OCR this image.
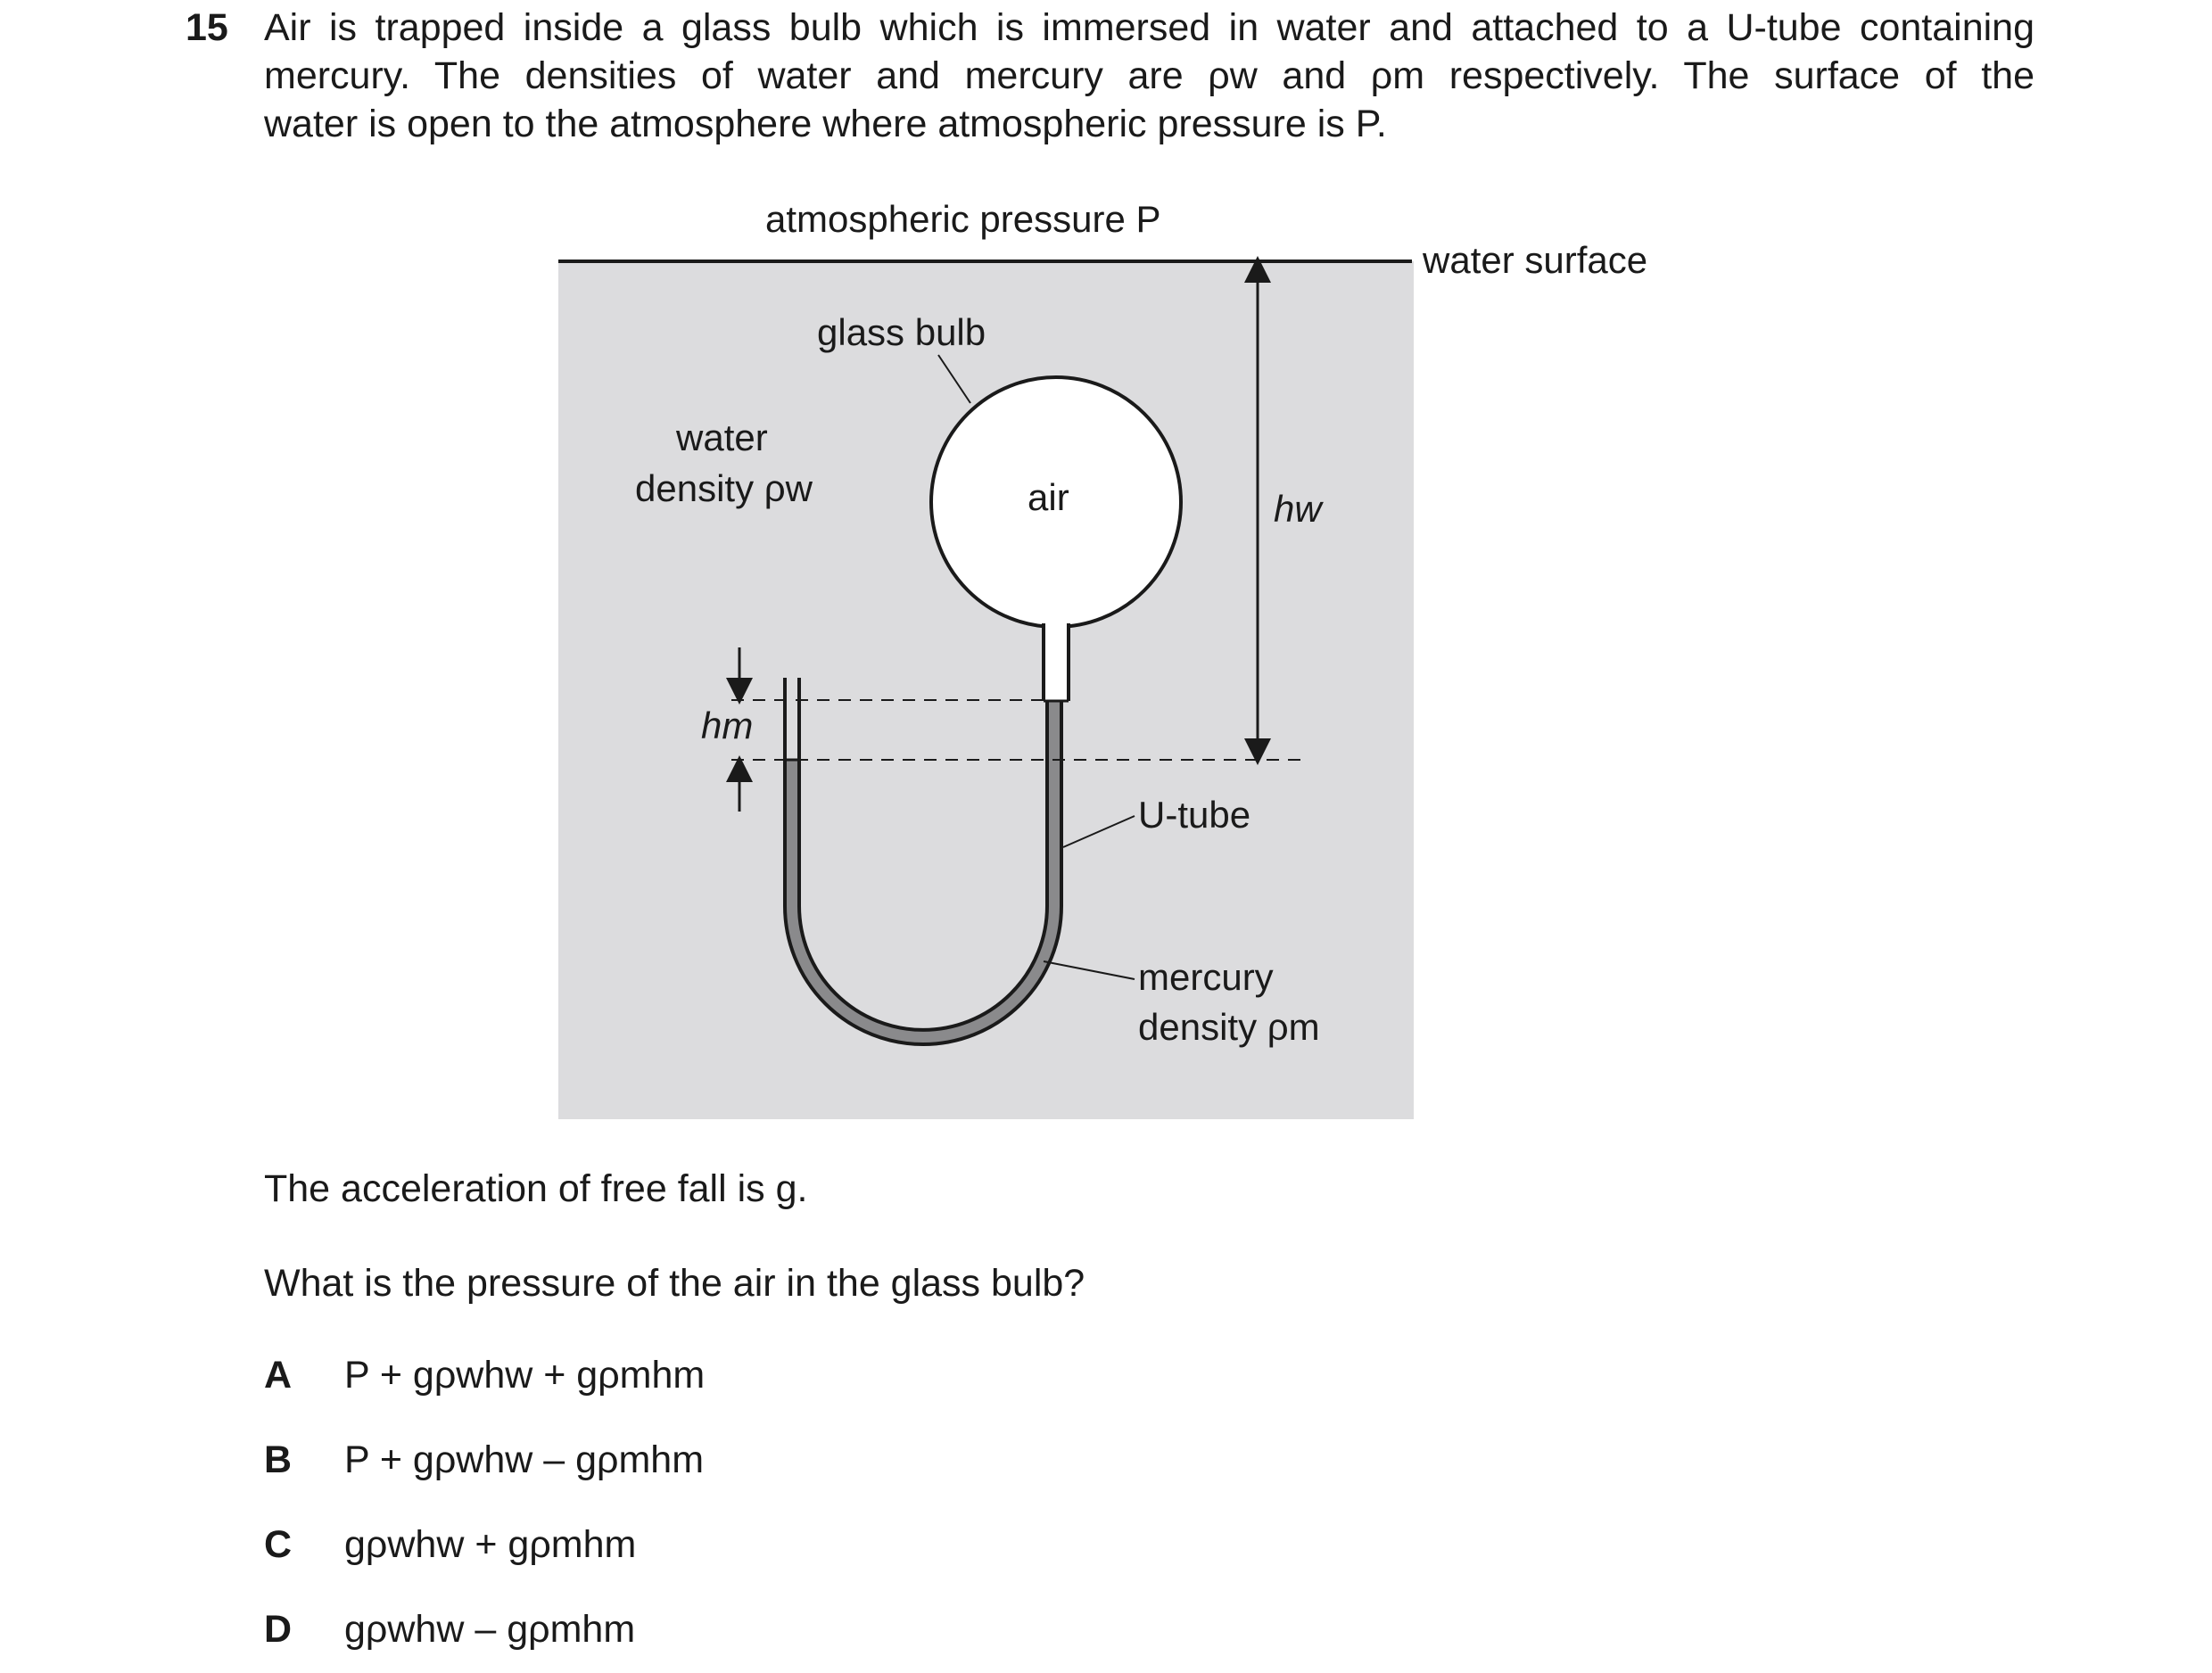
15 Air is trapped inside a glass bulb which is immersed in water and attached to a U-tube containing
mercury. The densities of water and mercury are ρw and ρm respectively. The surface of the
water is open to the atmosphere where atmospheric pressure is P.
atmospheric pressure P
water surface
glass bulb
water
density ρw	air	hw
hm
U-tube
mercury
density ρm
The acceleration of free fall is g.
What is the pressure of the air in the glass bulb?
A P + gρwhw + gρmhm
B P + gρwhw – gρmhm
C gρwhw + gρmhm
D gρwhw – gρmhm
